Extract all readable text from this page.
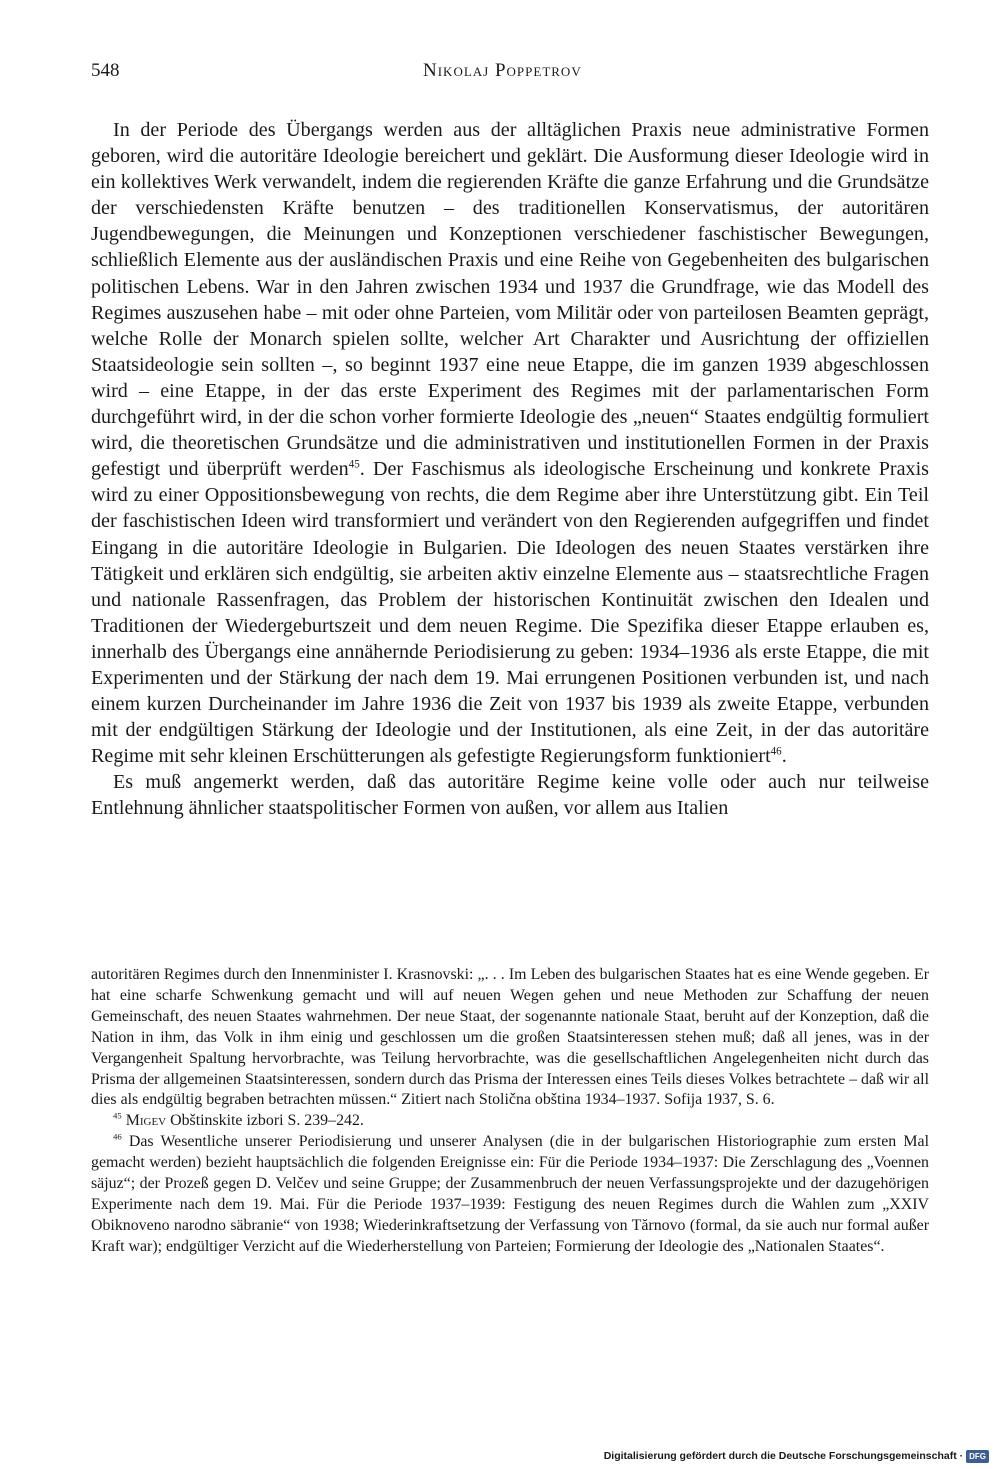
548	Nikolaj Poppetrov

In der Periode des Übergangs werden aus der alltäglichen Praxis neue administrative Formen geboren, wird die autoritäre Ideologie bereichert und geklärt. Die Ausformung dieser Ideologie wird in ein kollektives Werk verwandelt, indem die regierenden Kräfte die ganze Erfahrung und die Grundsätze der verschiedensten Kräfte benutzen – des traditionellen Konservatismus, der autoritären Jugendbewegungen, die Meinungen und Konzeptionen verschiedener faschistischer Bewegungen, schließlich Elemente aus der ausländischen Praxis und eine Reihe von Gegebenheiten des bulgarischen politischen Lebens. War in den Jahren zwischen 1934 und 1937 die Grundfrage, wie das Modell des Regimes auszusehen habe – mit oder ohne Parteien, vom Militär oder von parteilosen Beamten geprägt, welche Rolle der Monarch spielen sollte, welcher Art Charakter und Ausrichtung der offiziellen Staatsideologie sein sollten –, so beginnt 1937 eine neue Etappe, die im ganzen 1939 abgeschlossen wird – eine Etappe, in der das erste Experiment des Regimes mit der parlamentarischen Form durchgeführt wird, in der die schon vorher formierte Ideologie des „neuen“ Staates endgültig formuliert wird, die theoretischen Grundsätze und die administrativen und institutionellen Formen in der Praxis gefestigt und überprüft werden$^{45}$. Der Faschismus als ideologische Erscheinung und konkrete Praxis wird zu einer Oppositionsbewegung von rechts, die dem Regime aber ihre Unterstützung gibt. Ein Teil der faschistischen Ideen wird transformiert und verändert von den Regierenden aufgegriffen und findet Eingang in die autoritäre Ideologie in Bulgarien. Die Ideologen des neuen Staates verstärken ihre Tätigkeit und erklären sich endgültig, sie arbeiten aktiv einzelne Elemente aus – staatsrechtliche Fragen und nationale Rassenfragen, das Problem der historischen Kontinuität zwischen den Idealen und Traditionen der Wiedergeburtszeit und dem neuen Regime. Die Spezifika dieser Etappe erlauben es, innerhalb des Übergangs eine annähernde Periodisierung zu geben: 1934–1936 als erste Etappe, die mit Experimenten und der Stärkung der nach dem 19. Mai errungenen Positionen verbunden ist, und nach einem kurzen Durcheinander im Jahre 1936 die Zeit von 1937 bis 1939 als zweite Etappe, verbunden mit der endgültigen Stärkung der Ideologie und der Institutionen, als eine Zeit, in der das autoritäre Regime mit sehr kleinen Erschütterungen als gefestigte Regierungsform funktioniert$^{46}$.

Es muß angemerkt werden, daß das autoritäre Regime keine volle oder auch nur teilweise Entlehnung ähnlicher staatspolitischer Formen von außen, vor allem aus Italien

autoritären Regimes durch den Innenminister I. Krasnovski: „. . . Im Leben des bulgarischen Staates hat es eine Wende gegeben. Er hat eine scharfe Schwenkung gemacht und will auf neuen Wegen gehen und neue Methoden zur Schaffung der neuen Gemeinschaft, des neuen Staates wahrnehmen. Der neue Staat, der sogenannte nationale Staat, beruht auf der Konzeption, daß die Nation in ihm, das Volk in ihm einig und geschlossen um die großen Staatsinteressen stehen muß; daß all jenes, was in der Vergangenheit Spaltung hervorbrachte, was Teilung hervorbrachte, was die gesellschaftlichen Angelegenheiten nicht durch das Prisma der allgemeinen Staatsinteressen, sondern durch das Prisma der Interessen eines Teils dieses Volkes betrachtete – daß wir all dies als endgültig begraben betrachten müssen.“ Zitiert nach Stoličnа obština 1934–1937. Sofija 1937, S. 6.

$^{45}$ Migev Obštinskite izbori S. 239–242.

$^{46}$ Das Wesentliche unserer Periodisierung und unserer Analysen (die in der bulgarischen Historiographie zum ersten Mal gemacht werden) bezieht hauptsächlich die folgenden Ereignisse ein: Für die Periode 1934–1937: Die Zerschlagung des „Voennen säjuz“; der Prozeß gegen D. Velčev und seine Gruppe; der Zusammenbruch der neuen Verfassungsprojekte und der dazugehörigen Experimente nach dem 19. Mai. Für die Periode 1937–1939: Festigung des neuen Regimes durch die Wahlen zum „XXIV Obiknoveno narodno säbranie“ von 1938; Wiederinkraftsetzung der Verfassung von Tărnovo (formal, da sie auch nur formal außer Kraft war); endgültiger Verzicht auf die Wiederherstellung von Parteien; Formierung der Ideologie des „Nationalen Staates“.

Digitalisierung gefördert durch die Deutsche Forschungsgemeinschaft · DFG
